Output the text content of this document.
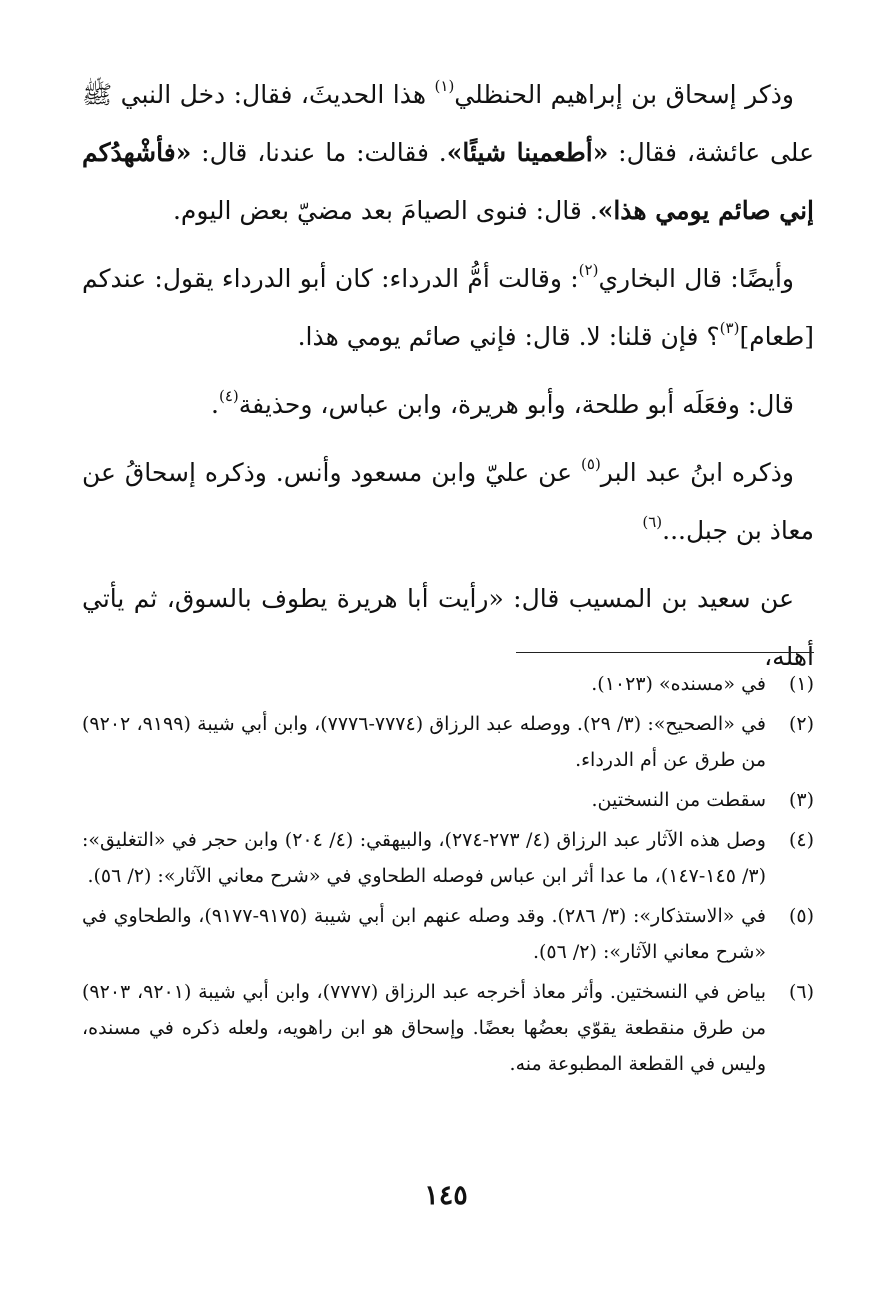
وذكر إسحاق بن إبراهيم الحنظلي$^{(١)}$ هذا الحديثَ، فقال: دخل النبي ﷺ على عائشة، فقال: «أطعمينا شيئًا». فقالت: ما عندنا، قال: «فأشْهدُكم إني صائم يومي هذا». قال: فنوى الصيامَ بعد مضيّ بعض اليوم.

وأيضًا: قال البخاري$^{(٢)}$: وقالت أمُّ الدرداء: كان أبو الدرداء يقول: عندكم [طعام]$^{(٣)}$؟ فإن قلنا: لا. قال: فإني صائم يومي هذا.

قال: وفعَلَه أبو طلحة، وأبو هريرة، وابن عباس، وحذيفة$^{(٤)}$.

وذكره ابنُ عبد البر$^{(٥)}$ عن عليّ وابن مسعود وأنس. وذكره إسحاقُ عن معاذ بن جبل...$^{(٦)}$

عن سعيد بن المسيب قال: «رأيت أبا هريرة يطوف بالسوق، ثم يأتي أهله،

(١)
في «مسنده» (١٠٢٣).
(٢)
في «الصحيح»: (٣/ ٢٩). ووصله عبد الرزاق (٧٧٧٤-٧٧٧٦)، وابن أبي شيبة (٩١٩٩، ٩٢٠٢) من طرق عن أم الدرداء.
(٣)
سقطت من النسختين.
(٤)
وصل هذه الآثار عبد الرزاق (٤/ ٢٧٣-٢٧٤)، والبيهقي: (٤/ ٢٠٤) وابن حجر في «التغليق»: (٣/ ١٤٥-١٤٧)، ما عدا أثر ابن عباس فوصله الطحاوي في «شرح معاني الآثار»: (٢/ ٥٦).
(٥)
في «الاستذكار»: (٣/ ٢٨٦). وقد وصله عنهم ابن أبي شيبة (٩١٧٥-٩١٧٧)، والطحاوي في «شرح معاني الآثار»: (٢/ ٥٦).
(٦)
بياض في النسختين. وأثر معاذ أخرجه عبد الرزاق (٧٧٧٧)، وابن أبي شيبة (٩٢٠١، ٩٢٠٣) من طرق منقطعة يقوّي بعضُها بعضًا. وإسحاق هو ابن راهويه، ولعله ذكره في مسنده، وليس في القطعة المطبوعة منه.
١٤٥
